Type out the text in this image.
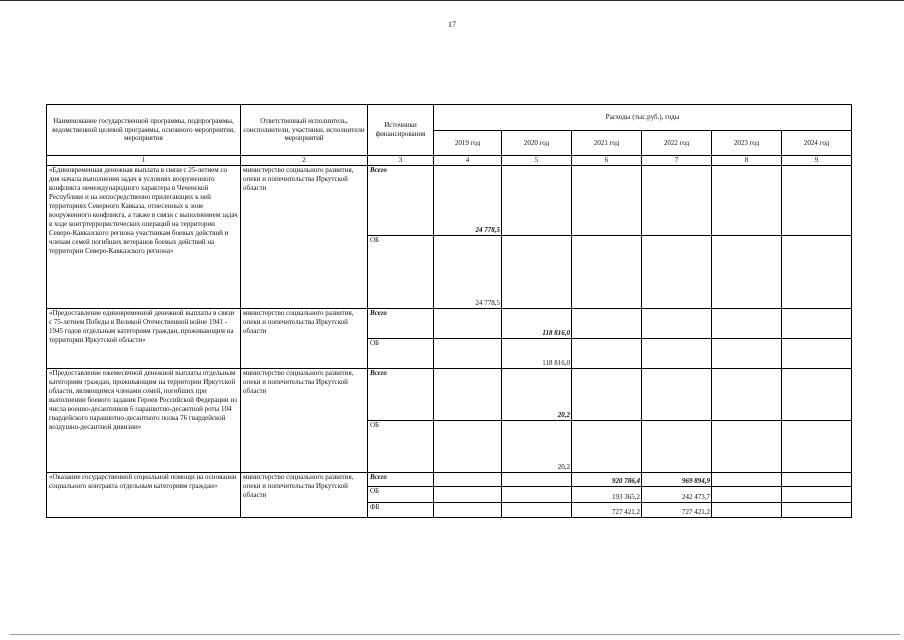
17
Наименование государственной программы, подпрограммы, ведомственной целевой программы, основного мероприятия, мероприятия	Ответственный исполнитель, соисполнители, участники, исполнители мероприятий	Источники финансирования	Расходы (тыс.руб.), годы					
			2019 год	2020 год	2021 год	2022 год	2023 год	2024 год
1	2	3	4	5	6	7	8	9
«Единовременная денежная выплата в связи с 25-летием со дня начала выполнения задач в условиях вооруженного конфликта немеждународного характера в Чеченской Республике и на непосредственно прилегающих к ней территориях Северного Кавказа, отнесенных к зоне вооруженного конфликта, а также в связи с выполнением задач в ходе контртеррористических операций на территории Северо-Кавказского региона участникам боевых действий и членам семей погибших ветеранов боевых действий на территории Северо-Кавказского региона»	министерство социального развития, опеки и попечительства Иркутской области	Всего	24 778,5					
		ОБ	24 778,5					
«Предоставление единовременной денежной выплаты в связи с 75-летием Победы в Великой Отечественной войне 1941 - 1945 годов отдельным категориям граждан, проживающим на территории Иркутской области»	министерство социального развития, опеки и попечительства Иркутской области	Всего		118 816,0				
		ОБ		118 816,0				
«Предоставление ежемесячной денежной выплаты отдельным категориям граждан, проживающим на территории Иркутской области, являющимся членами семей, погибших при выполнении боевого задания Героев Российской Федерации из числа военно-десантников 6 парашютно-десантной роты 104 гвардейского парашютно-десантного полка 76 гвардейской воздушно-десантной дивизии»	министерство социального развития, опеки и попечительства Иркутской области	Всего		20,2				
		ОБ		20,2				
«Оказание государственной социальной помощи на основании социального контракта отдельным категориям граждан»	министерство социального развития, опеки и попечительства Иркутской области	Всего			920 786,4	969 894,9		
		ОБ			193 365,2	242 473,7		
		ФБ			727 421,2	727 421,2		
